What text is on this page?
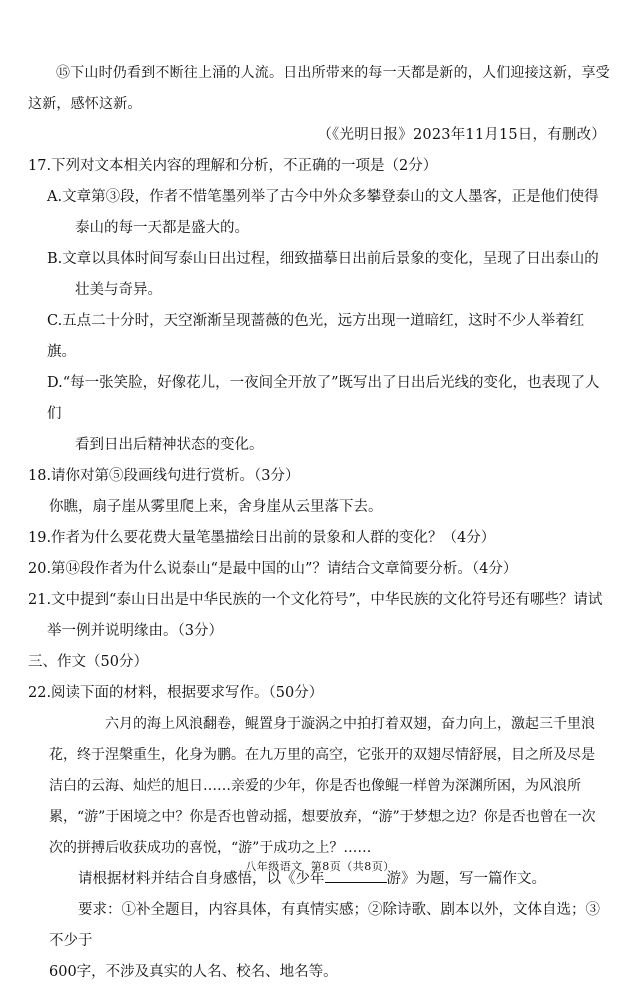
⑮下山时仍看到不断往上涌的人流。日出所带来的每一天都是新的，人们迎接这新，享受这新，感怀这新。

（《光明日报》2023年11月15日，有删改）

17.下列对文本相关内容的理解和分析，不正确的一项是（2分）

A.文章第③段，作者不惜笔墨列举了古今中外众多攀登泰山的文人墨客，正是他们使得

泰山的每一天都是盛大的。

B.文章以具体时间写泰山日出过程，细致描摹日出前后景象的变化，呈现了日出泰山的

壮美与奇异。

C.五点二十分时，天空渐渐呈现蔷薇的色光，远方出现一道暗红，这时不少人举着红旗。

D.“每一张笑脸，好像花儿，一夜间全开放了”既写出了日出后光线的变化，也表现了人们

看到日出后精神状态的变化。

18.请你对第⑤段画线句进行赏析。（3分）

你瞧，扇子崖从雾里爬上来，舍身崖从云里落下去。

19.作者为什么要花费大量笔墨描绘日出前的景象和人群的变化？（4分）

20.第⑭段作者为什么说泰山“是最中国的山”？请结合文章简要分析。（4分）

21.文中提到“泰山日出是中华民族的一个文化符号”，中华民族的文化符号还有哪些？请试

举一例并说明缘由。（3分）

三、作文（50分）

22.阅读下面的材料，根据要求写作。（50分）

六月的海上风浪翻卷，鲲置身于漩涡之中拍打着双翅，奋力向上，激起三千里浪花，终于涅槃重生，化身为鹏。在九万里的高空，它张开的双翅尽情舒展，目之所及尽是洁白的云海、灿烂的旭日……亲爱的少年，你是否也像鲲一样曾为深渊所困，为风浪所累，“游”于困境之中？你是否也曾动摇，想要放弃，“游”于梦想之边？你是否也曾在一次次的拼搏后收获成功的喜悦，“游”于成功之上？……

请根据材料并结合自身感悟，以《少年	游》为题，写一篇作文。

要求：①补全题目，内容具体，有真情实感；②除诗歌、剧本以外，文体自选；③不少于

600字，不涉及真实的人名、校名、地名等。

八年级语文 第8页（共8页）
